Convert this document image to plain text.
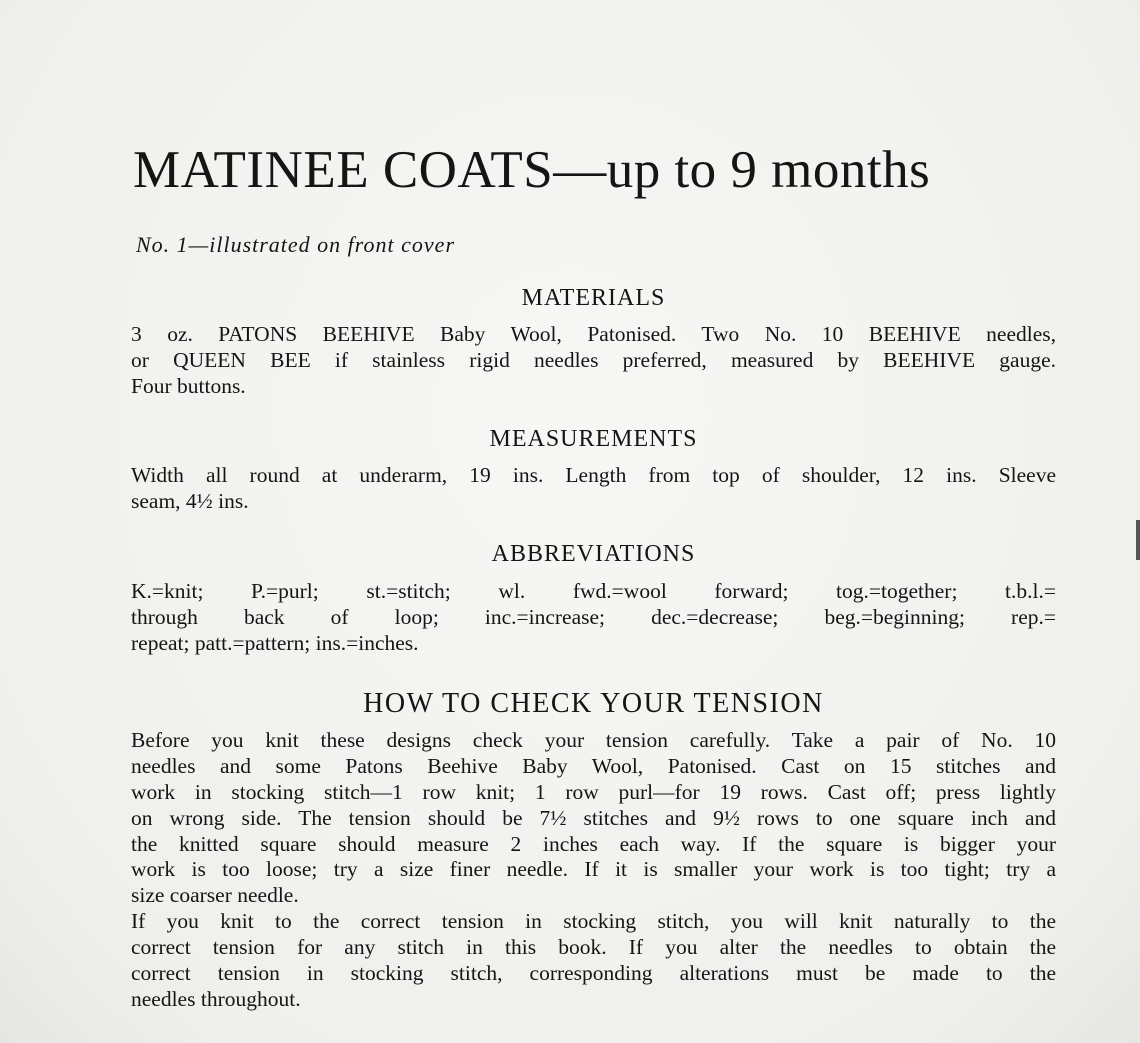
MATINEE COATS—up to 9 months
No. 1—illustrated on front cover
MATERIALS
3 oz. PATONS BEEHIVE Baby Wool, Patonised. Two No. 10 BEEHIVE needles,
or QUEEN BEE if stainless rigid needles preferred, measured by BEEHIVE gauge.
Four buttons.
MEASUREMENTS
Width all round at underarm, 19 ins. Length from top of shoulder, 12 ins. Sleeve
seam, 4½ ins.
ABBREVIATIONS
K.=knit; P.=purl; st.=stitch; wl. fwd.=wool forward; tog.=together; t.b.l.=
through back of loop; inc.=increase; dec.=decrease; beg.=beginning; rep.=
repeat; patt.=pattern; ins.=inches.
HOW TO CHECK YOUR TENSION
Before you knit these designs check your tension carefully. Take a pair of No. 10
needles and some Patons Beehive Baby Wool, Patonised. Cast on 15 stitches and
work in stocking stitch—1 row knit; 1 row purl—for 19 rows. Cast off; press lightly
on wrong side. The tension should be 7½ stitches and 9½ rows to one square inch and
the knitted square should measure 2 inches each way. If the square is bigger your
work is too loose; try a size finer needle. If it is smaller your work is too tight; try a
size coarser needle.
If you knit to the correct tension in stocking stitch, you will knit naturally to the
correct tension for any stitch in this book. If you alter the needles to obtain the
correct tension in stocking stitch, corresponding alterations must be made to the
needles throughout.
